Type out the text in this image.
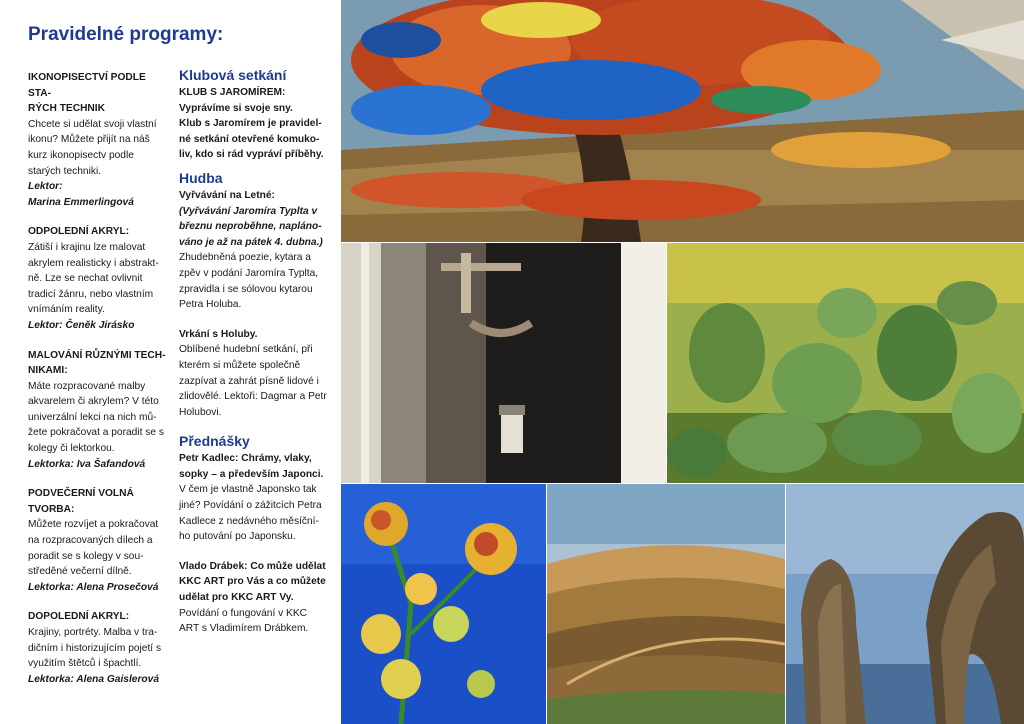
Pravidelné programy:
IKONOPISECTVÍ PODLE STA-
RÝCH TECHNIK
Chcete si udělat svoji vlastní ikonu? Můžete přijít na náš kurz ikonopisectv podle starých techniki.
Lektor:
Marina Emmerlingová
ODPOLEDNÍ AKRYL:
Zátiší i krajinu lze malovat akrylem realisticky i abstrakt-ně. Lze se nechat ovlivnit tradicí žánru, nebo vlastním vnímáním reality.
Lektor: Čeněk Jirásko
MALOVÁNÍ RŮZNÝMI TECH-
NIKAMI:
Máte rozpracované malby akvarelem či akrylem? V této univerzální lekci na nich mů-žete pokračovat a poradit se s kolegy či lektorkou.
Lektorka: Iva Šafandová
PODVEČERNÍ VOLNÁ TVORBA:
Můžete rozvíjet a pokračovat na rozpracovaných dílech a poradit se s kolegy v sou-středěné večerní dílně.
Lektorka: Alena Prosečová
DOPOLEDNÍ AKRYL:
Krajiny, portréty. Malba v tra-dičním i historizujícím pojetí s využitím štětců i špachtlí.
Lektorka: Alena Gaislerová
Klubová setkání
KLUB S JAROMÍREM:
Vyprávíme si svoje sny.
Klub s Jaromírem je pravidel-né setkání otevřené komuko-liv, kdo si rád vypráví příběhy.
Hudba
Vyřvávání na Letné:
(Vyřvávání Jaromíra Typlta v březnu neproběhne, napláno-váno je až na pátek 4. dubna.)
Zhudebněná poezie, kytara a zpěv v podání Jaromíra Typlta, zpravidla i se sólovou kytarou Petra Holuba.
Vrkání s Holuby.
Oblíbené hudební setkání, při kterém si můžete společně zazpívat a zahrát písně lidové i zlidovělé. Lektoři: Dagmar a Petr Holubovi.
Přednášky
Petr Kadlec: Chrámy, vlaky, sopky – a především Japonci.
V čem je vlastně Japonsko tak jiné? Povídání o zážitcích Petra Kadlece z nedávného měsíční-ho putování po Japonsku.
Vlado Drábek: Co může udělat KKC ART pro Vás a co můžete udělat pro KKC ART Vy.
Povídání o fungování v KKC ART s Vladimírem Drábkem.
